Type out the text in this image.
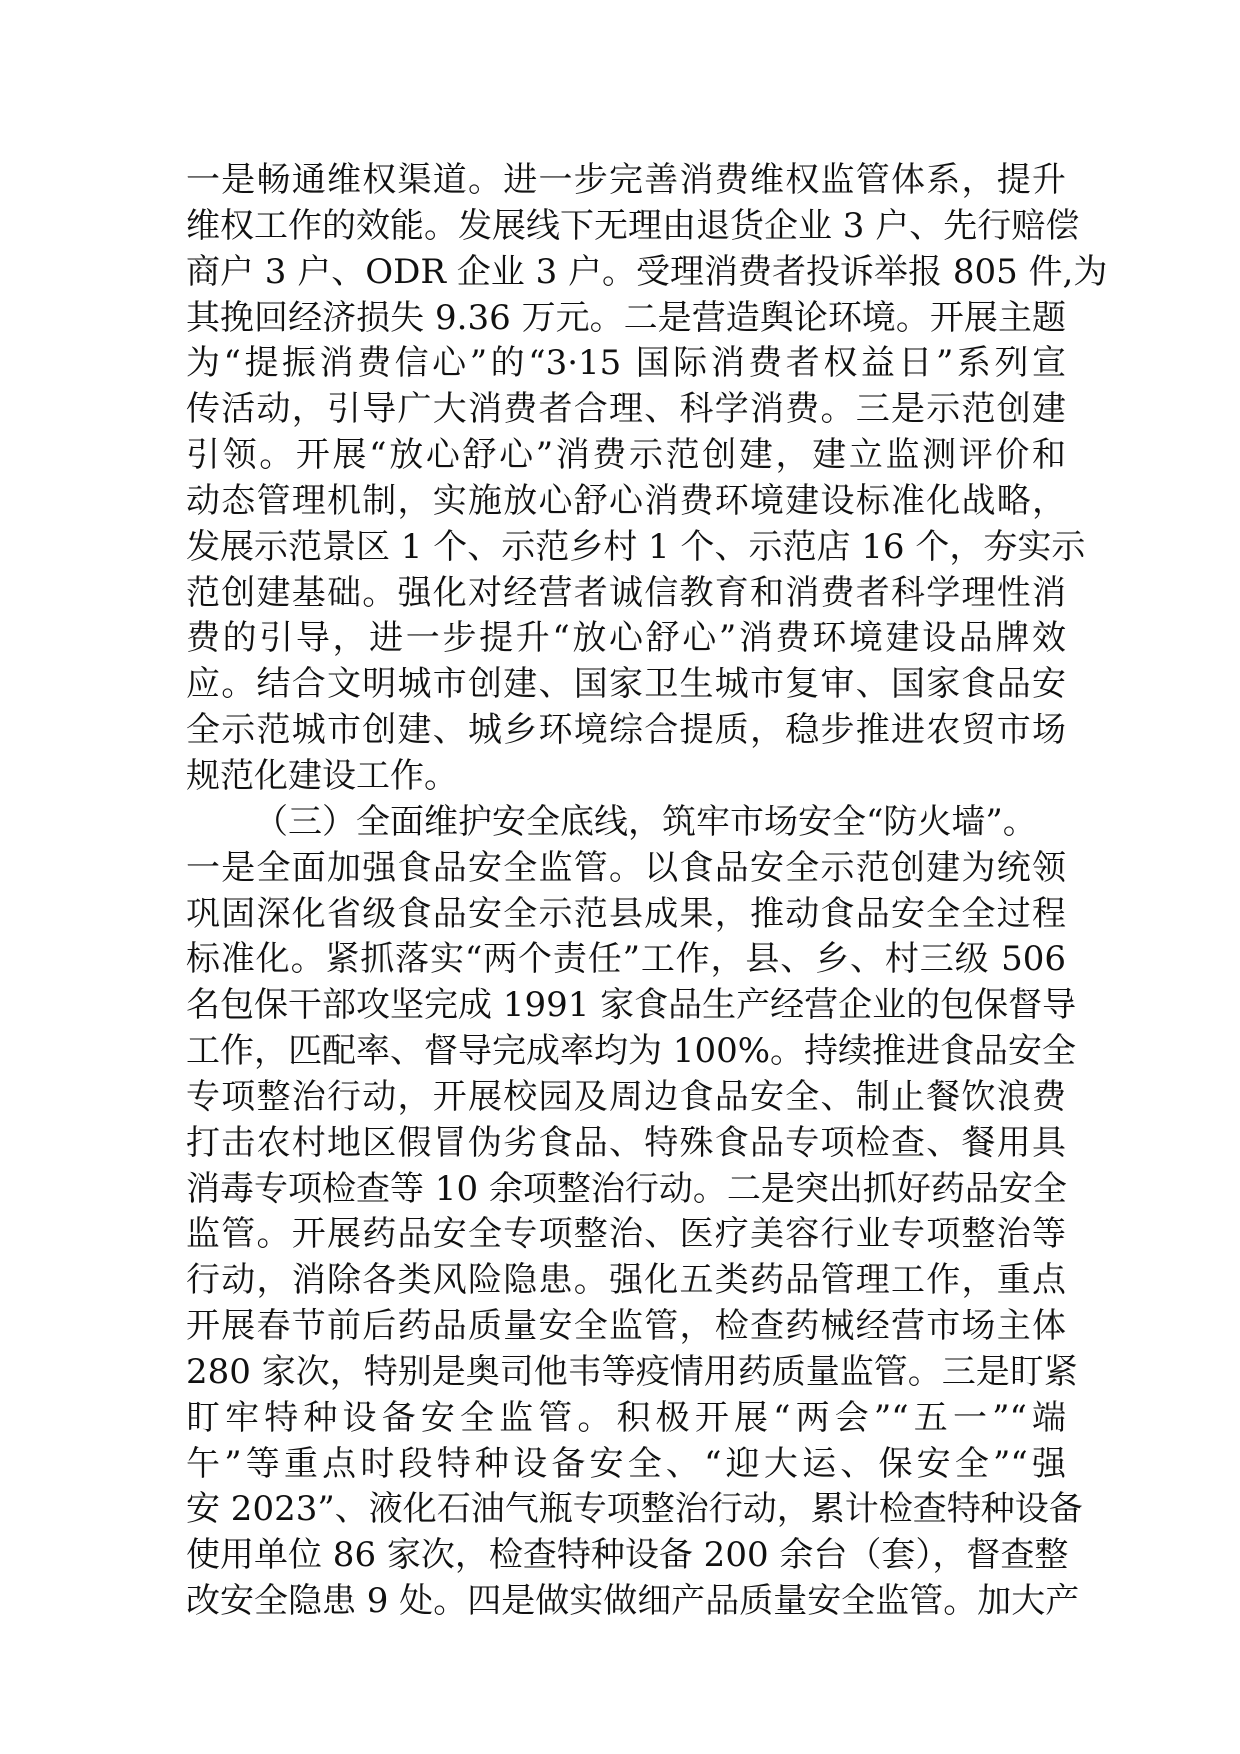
一是畅通维权渠道。进一步完善消费维权监管体系，提升
维权工作的效能。发展线下无理由退货企业 3 户、先行赔偿
商户 3 户、ODR 企业 3 户。受理消费者投诉举报 805 件,为
其挽回经济损失 9.36 万元。二是营造舆论环境。开展主题
为“提振消费信心”的“3·15 国际消费者权益日”系列宣
传活动，引导广大消费者合理、科学消费。三是示范创建
引领。开展“放心舒心”消费示范创建，建立监测评价和
动态管理机制，实施放心舒心消费环境建设标准化战略，
发展示范景区 1 个、示范乡村 1 个、示范店 16 个，夯实示
范创建基础。强化对经营者诚信教育和消费者科学理性消
费的引导，进一步提升“放心舒心”消费环境建设品牌效
应。结合文明城市创建、国家卫生城市复审、国家食品安
全示范城市创建、城乡环境综合提质，稳步推进农贸市场
规范化建设工作。
（三）全面维护安全底线，筑牢市场安全“防火墙”。
一是全面加强食品安全监管。以食品安全示范创建为统领
巩固深化省级食品安全示范县成果，推动食品安全全过程
标准化。紧抓落实“两个责任”工作，县、乡、村三级 506
名包保干部攻坚完成 1991 家食品生产经营企业的包保督导
工作，匹配率、督导完成率均为 100%。持续推进食品安全
专项整治行动，开展校园及周边食品安全、制止餐饮浪费
打击农村地区假冒伪劣食品、特殊食品专项检查、餐用具
消毒专项检查等 10 余项整治行动。二是突出抓好药品安全
监管。开展药品安全专项整治、医疗美容行业专项整治等
行动，消除各类风险隐患。强化五类药品管理工作，重点
开展春节前后药品质量安全监管，检查药械经营市场主体
280 家次，特别是奥司他韦等疫情用药质量监管。三是盯紧
盯牢特种设备安全监管。积极开展“两会”“五一”“端
午”等重点时段特种设备安全、“迎大运、保安全”“强
安 2023”、液化石油气瓶专项整治行动，累计检查特种设备
使用单位 86 家次，检查特种设备 200 余台（套），督查整
改安全隐患 9 处。四是做实做细产品质量安全监管。加大产
